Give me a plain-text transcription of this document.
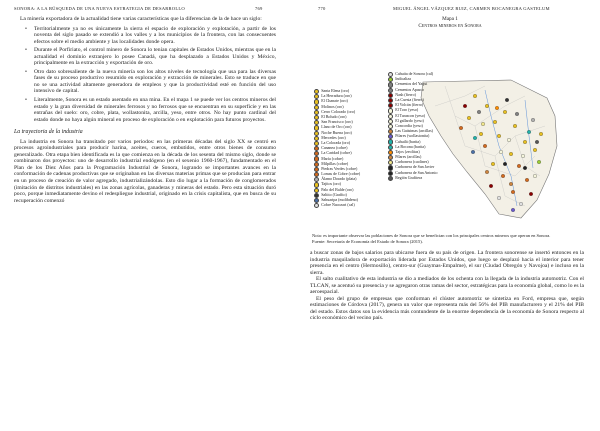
SONORA: A LA BÚSQUEDA DE UNA NUEVA ESTRATEGIA DE DESARROLLO	769

La minería exportadora de la actualidad tiene varias características que la diferencian de la de hace un siglo:

• Territorialmente ya no es únicamente la sierra el espacio de exploración y explotación, a partir de los noventa del siglo pasado se extendió a los valles y a los municipios de la frontera, con las consecuentes efectos sobre el medio ambiente y las localidades donde opera.
• Durante el Porfiriato, el control minero de Sonora lo tenían capitales de Estados Unidos, mientras que en la actualidad el dominio extranjero lo posee Canadá, que ha desplazado a Estados Unidos y México, principalmente en la extracción y exportación de oro.
• Otro dato sobresaliente de la nueva minería son los altos niveles de tecnología que usa para las diversas fases de su proceso productivo resumido en exploración y extracción de minerales. Esto se traduce en que no se una actividad altamente generadora de empleos y que la productividad esté en función del uso intensivo de capital.
• Literalmente, Sonora es un estado asentado en una mina. En el mapa 1 se puede ver los centros mineros del estado y la gran diversidad de minerales ferrosos y no ferrosos que se encuentran en su superficie y en las entrañas del suelo: oro, cobre, plata, wollastonita, arcilla, yeso, entre otros. No hay punto cardinal del estado donde no haya algún mineral en proceso de exploración o en explotación para futuros proyectos.
La trayectoria de la industria

La industria en Sonora ha transitado por varios periodos: en las primeras décadas del siglo XX se centró en procesos agroindustriales para producir harina, aceites, cueros, embutidos, entre otros bienes de consumo generalizado. Otra etapa bien identificada es la que comienza en la década de los sesenta del mismo siglo, donde se combinaron dos proyectos: uno de desarrollo industrial endógeno (en el sexenio 1960-1967), fundamentado en el Plan de los Diez Años para la Programación Industrial de Sonora, logrando se importantes avances en la conformación de cadenas productivas que se originaban en las diversas materias primas que se producían para entrar en un proceso de creación de valor agregado, industrializándolas. Esto dio lugar a la formación de conglomerados (imitación de distritos industriales) en las zonas agrícolas, ganaderas y mineras del estado. Pero esta situación duró poco, porque inmediatamente devino el redespliegue industrial, originado en la crisis capitalista, que en busca de su recuperación comenzó

770	MIGUEL ÁNGEL VÁZQUEZ RUIZ, CARMEN BOCANEGRA GASTELUM
Mapa 1
Centros mineros en Sonora
Santa Elena (oro)
La Herradura (oro)
El Chanate (oro)
Molinos (oro)
Cerro Colorado (oro)
El Boludo (oro)
San Francisco (oro)
Llano de Oro (oro)
Noche Buena (oro)
Mercedes (oro)
La Colorada (oro)
Cananea (cobre)
La Caridad (cobre)
María (cobre)
Milpillas (cobre)
Piedras Verdes (cobre)
Lomas de Cobre (cobre)
Álamo Dorado (plata)
Tajitos (oro)
Palo del Balde (oro)
Saltito (Grafito)
Sahuaripa (molibdeno)
Cobre Nacozari (cal)
Cahuita de Sonora (cal)
Indicaliza
Cementos del Yaqui
Cementos Apasco
Nash (fierro)
La Cuesta (fierro)
El Volcán (fierro)
El Toro (yeso)
El Tarascon (yeso)
El gallardo (yeso)
Concordia (yeso)
Las Guásimas (arcillas)
Pilares (wollastonita)
Cahuilá (barita)
La Bocona (barita)
Tajos (zeolitas)
Pílares (arcillas)
Carbonera (caolines)
Carbonera de San Javier
Carbonera de San Antonio
Región Grafitera
Nota: es importante observar las poblaciones de Sonora que se benefician con los principales centros mineros que operan en Sonora.
Fuente: Secretaría de Economía del Estado de Sonora (2015).

a buscar zonas de bajos salarios para ubicarse fuera de su país de origen. La frontera sonorense se insertó entonces en la industria maquiladora de exportación liderada por Estados Unidos, que luego se desplazó hacia el interior para tener presencia en el centro (Hermosillo), centro-sur (Guaymas-Empalme), el sur (Ciudad Obregón y Navojoa) e incluso en la sierra.

El salto cualitativo de esta industria se dio a mediados de los ochenta con la llegada de la industria automotriz. Con el TLCAN, se acentuó su presencia y se agregaron otras ramas del sector, estratégicas para la economía global, como lo es la aeroespacial.

El peso del grupo de empresas que conforman el clúster automotriz se sintetiza en Ford, empresa que, según estimaciones de Córdova (2017), genera un valor que representa más del 56% del PIB manufacturero y el 21% del PIB del estado. Estos datos son la evidencia más contundente de la enorme dependencia de la economía de Sonora respecto al ciclo económico del vecino país.
